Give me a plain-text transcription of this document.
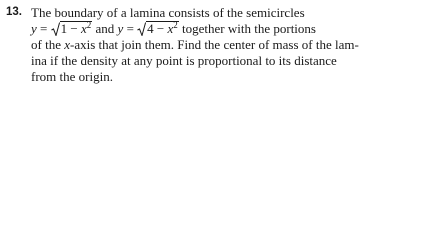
13. The boundary of a lamina consists of the semicircles
y =
$1 - x^2$ and y =
$4 - x^2$ together with the portions
of the x-axis that join them. Find the center of mass of the lam-
ina if the density at any point is proportional to its distance
from the origin.
